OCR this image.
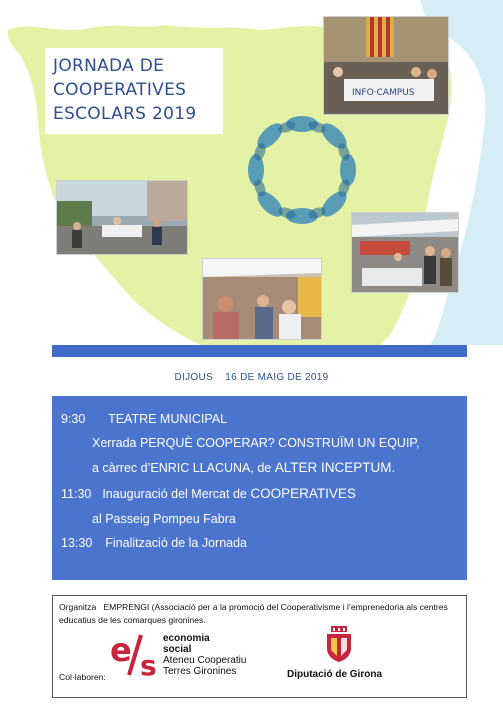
JORNADA DE
COOPERATIVES
ESCOLARS 2019
INFO·CAMPUS
DIJOUS    16 DE MAIG DE 2019
9:30 TEATRE MUNICIPAL
Xerrada PERQUÈ COOPERAR? CONSTRUÏM UN EQUIP,
a càrrec d’ENRIC LLACUNA, de ALTER INCEPTUM.
11:30 Inauguració del Mercat de COOPERATIVES
al Passeig Pompeu Fabra
13:30 Finalització de la Jornada
Organitza EMPRENGI (Associació per a la promoció del Cooperativisme i l’emprenedoria als centres educatius de les comarques gironines.
e s
economia
social
Ateneu Cooperatiu
Terres Gironines
Col·laboren:	Diputació de Girona
